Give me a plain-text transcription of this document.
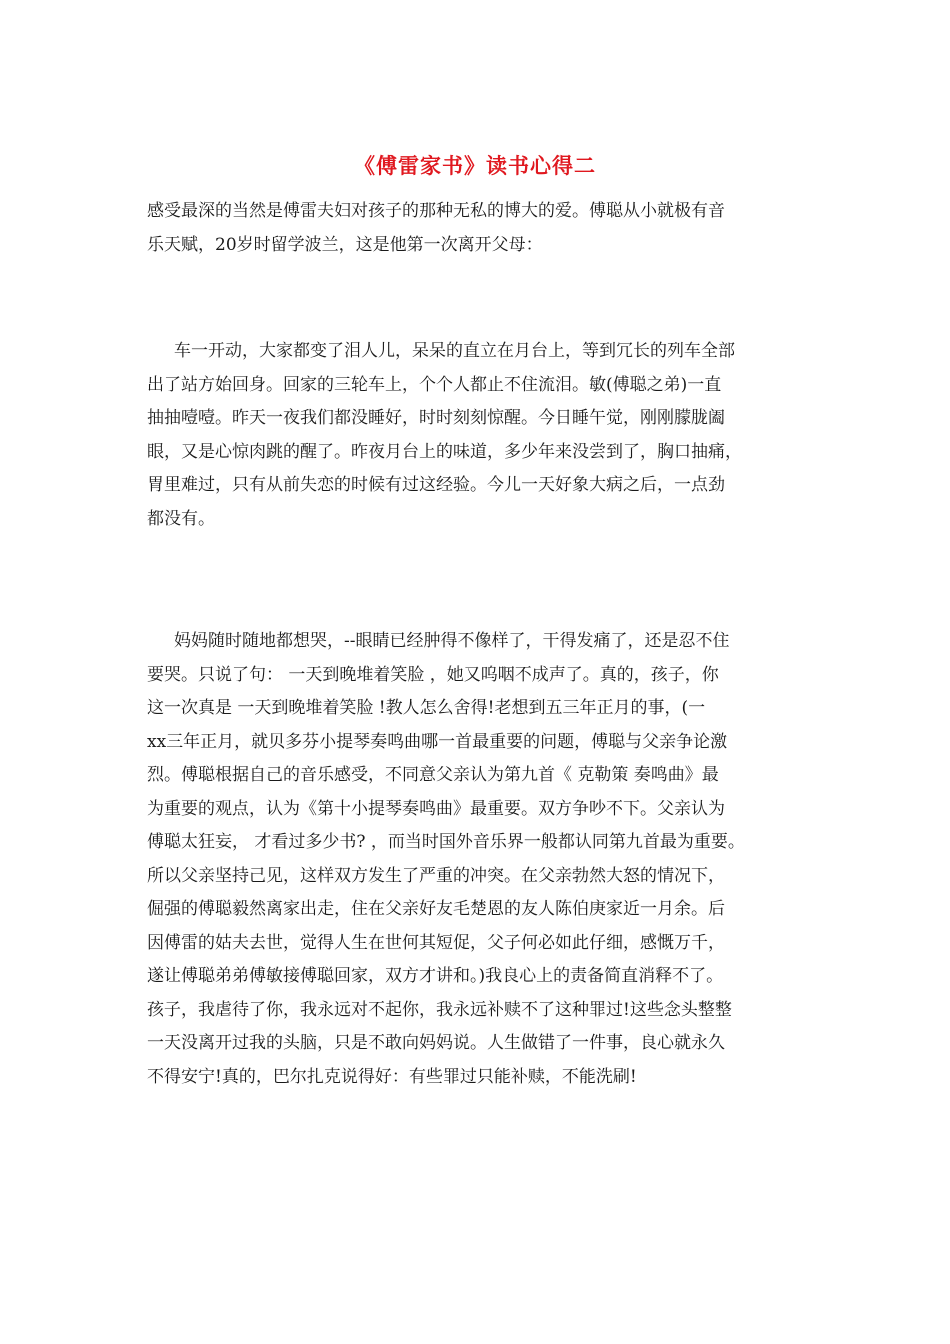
《傅雷家书》读书心得二
感受最深的当然是傅雷夫妇对孩子的那种无私的博大的爱。傅聪从小就极有音
乐天赋，20岁时留学波兰，这是他第一次离开父母：
车一开动，大家都变了泪人儿，呆呆的直立在月台上，等到冗长的列车全部
出了站方始回身。回家的三轮车上，个个人都止不住流泪。敏(傅聪之弟)一直
抽抽噎噎。昨天一夜我们都没睡好，时时刻刻惊醒。今日睡午觉，刚刚朦胧阖
眼，又是心惊肉跳的醒了。昨夜月台上的味道，多少年来没尝到了，胸口抽痛，
胃里难过，只有从前失恋的时候有过这经验。今儿一天好象大病之后，一点劲
都没有。
妈妈随时随地都想哭，--眼睛已经肿得不像样了，干得发痛了，还是忍不住
要哭。只说了句： 一天到晚堆着笑脸 ，她又呜咽不成声了。真的，孩子，你
这一次真是 一天到晚堆着笑脸 !教人怎么舍得!老想到五三年正月的事，(一
xx三年正月，就贝多芬小提琴奏鸣曲哪一首最重要的问题，傅聪与父亲争论激
烈。傅聪根据自己的音乐感受，不同意父亲认为第九首《 克勒策 奏鸣曲》最
为重要的观点，认为《第十小提琴奏鸣曲》最重要。双方争吵不下。父亲认为
傅聪太狂妄， 才看过多少书? ，而当时国外音乐界一般都认同第九首最为重要。
所以父亲坚持己见，这样双方发生了严重的冲突。在父亲勃然大怒的情况下，
倔强的傅聪毅然离家出走，住在父亲好友毛楚恩的友人陈伯庚家近一月余。后
因傅雷的姑夫去世，觉得人生在世何其短促，父子何必如此仔细，感慨万千，
遂让傅聪弟弟傅敏接傅聪回家，双方才讲和。)我良心上的责备简直消释不了。
孩子，我虐待了你，我永远对不起你，我永远补赎不了这种罪过!这些念头整整
一天没离开过我的头脑，只是不敢向妈妈说。人生做错了一件事，良心就永久
不得安宁!真的，巴尔扎克说得好：有些罪过只能补赎，不能洗刷!
